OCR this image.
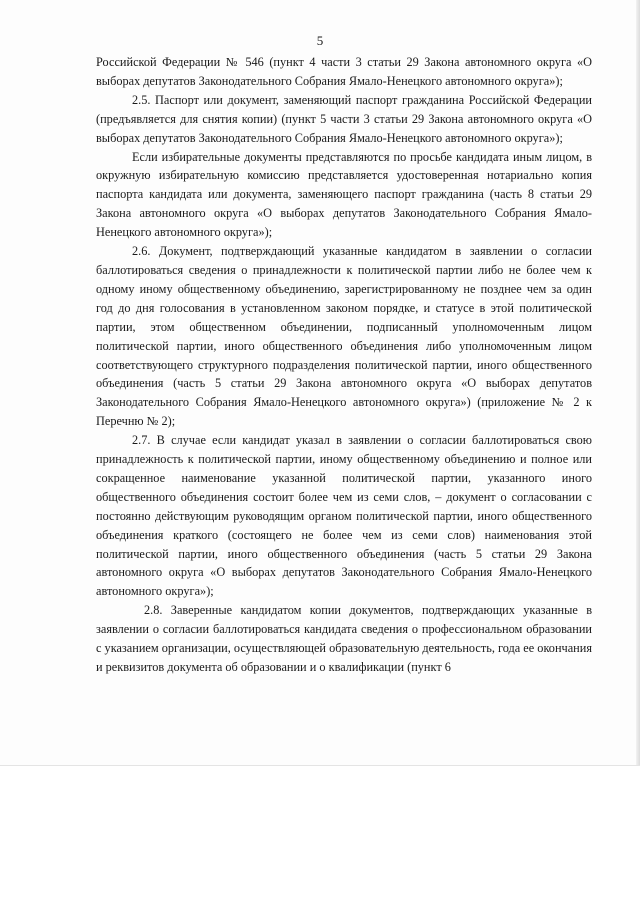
5

Российской Федерации № 546 (пункт 4 части 3 статьи 29 Закона автономного округа «О выборах депутатов Законодательного Собрания Ямало-Ненецкого автономного округа»);

2.5. Паспорт или документ, заменяющий паспорт гражданина Российской Федерации (предъявляется для снятия копии) (пункт 5 части 3 статьи 29 Закона автономного округа «О выборах депутатов Законодательного Собрания Ямало-Ненецкого автономного округа»);

Если избирательные документы представляются по просьбе кандидата иным лицом, в окружную избирательную комиссию представляется удостоверенная нотариально копия паспорта кандидата или документа, заменяющего паспорт гражданина (часть 8 статьи 29 Закона автономного округа «О выборах депутатов Законодательного Собрания Ямало-Ненецкого автономного округа»);

2.6. Документ, подтверждающий указанные кандидатом в заявлении о согласии баллотироваться сведения о принадлежности к политической партии либо не более чем к одному иному общественному объединению, зарегистрированному не позднее чем за один год до дня голосования в установленном законом порядке, и статусе в этой политической партии, этом общественном объединении, подписанный уполномоченным лицом политической партии, иного общественного объединения либо уполномоченным лицом соответствующего структурного подразделения политической партии, иного общественного объединения (часть 5 статьи 29 Закона автономного округа «О выборах депутатов Законодательного Собрания Ямало-Ненецкого автономного округа») (приложение № 2 к Перечню № 2);

2.7. В случае если кандидат указал в заявлении о согласии баллотироваться свою принадлежность к политической партии, иному общественному объединению и полное или сокращенное наименование указанной политической партии, указанного иного общественного объединения состоит более чем из семи слов, – документ о согласовании с постоянно действующим руководящим органом политической партии, иного общественного объединения краткого (состоящего не более чем из семи слов) наименования этой политической партии, иного общественного объединения (часть 5 статьи 29 Закона автономного округа «О выборах депутатов Законодательного Собрания Ямало-Ненецкого автономного округа»);

2.8. Заверенные кандидатом копии документов, подтверждающих указанные в заявлении о согласии баллотироваться кандидата сведения о профессиональном образовании с указанием организации, осуществляющей образовательную деятельность, года ее окончания и реквизитов документа об образовании и о квалификации (пункт 6
